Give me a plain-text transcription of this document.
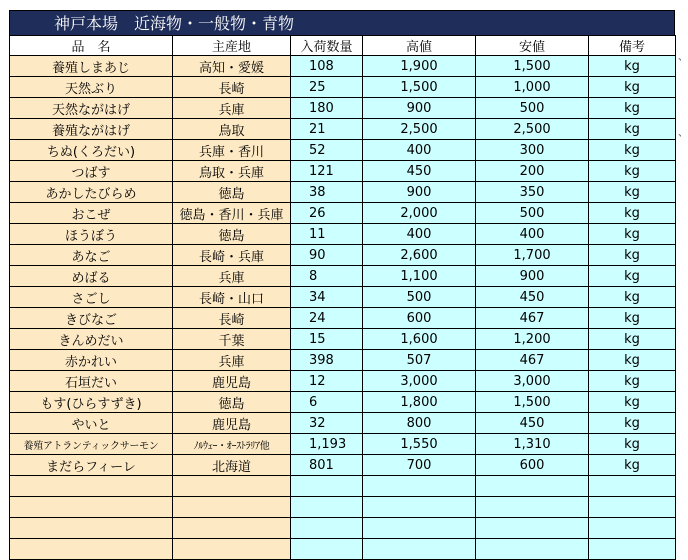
神戸本場　近海物・一般物・青物
品　名	主産地	入荷数量	高値	安値	備考
養殖しまあじ	高知・愛媛	108	1,900	1,500	kg
天然ぶり	長崎	25	1,500	1,000	kg
天然ながはげ	兵庫	180	900	500	kg
養殖ながはげ	鳥取	21	2,500	2,500	kg
ちぬ(くろだい)	兵庫・香川	52	400	300	kg
つばす	鳥取・兵庫	121	450	200	kg
あかしたびらめ	徳島	38	900	350	kg
おこぜ	徳島・香川・兵庫	26	2,000	500	kg
ほうぼう	徳島	11	400	400	kg
あなご	長崎・兵庫	90	2,600	1,700	kg
めばる	兵庫	8	1,100	900	kg
さごし	長崎・山口	34	500	450	kg
きびなご	長崎	24	600	467	kg
きんめだい	千葉	15	1,600	1,200	kg
赤かれい	兵庫	398	507	467	kg
石垣だい	鹿児島	12	3,000	3,000	kg
もす(ひらすずき)	徳島	6	1,800	1,500	kg
やいと	鹿児島	32	800	450	kg
養殖アトランティックサーモン	ﾉﾙｳｪｰ・ｵｰｽﾄﾗﾘｱ他	1,193	1,550	1,310	kg
まだらフィーレ	北海道	801	700	600	kg

、
、
